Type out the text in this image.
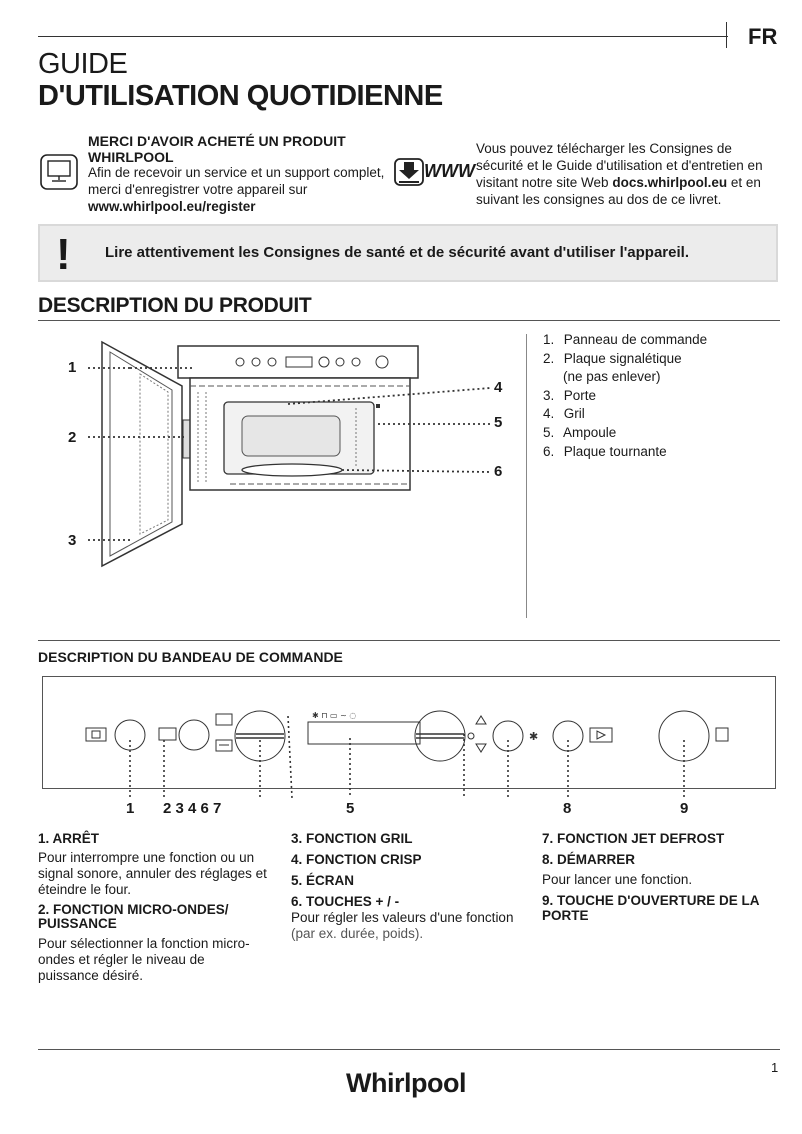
FR
GUIDE
D'UTILISATION QUOTIDIENNE
MERCI D'AVOIR ACHETÉ UN PRODUIT WHIRLPOOL
Afin de recevoir un service et un support complet, merci d'enregistrer votre appareil sur
www.whirlpool.eu/register
WWW
Vous pouvez télécharger les Consignes de sécurité et le Guide d'utilisation et d'entretien en visitant notre site Web docs.whirlpool.eu et en suivant les consignes au dos de ce livret.
! Lire attentivement les Consignes de santé et de sécurité avant d'utiliser l'appareil.
DESCRIPTION DU PRODUIT
1
2
3
4
5
6
1. Panneau de commande
2. Plaque signalétique
(ne pas enlever)
3. Porte
4. Gril
5. Ampoule
6. Plaque tournante
DESCRIPTION DU BANDEAU DE COMMANDE
✱ ⊓ ▭ ~ ◌
✱
1 2 3 4 6 7	5	8	9
1. ARRÊT
Pour interrompre une fonction ou un signal sonore, annuler des réglages et éteindre le four.
2. FONCTION MICRO-ONDES/ PUISSANCE
Pour sélectionner la fonction micro-ondes et régler le niveau de puissance désiré.
3. FONCTION GRIL
4. FONCTION CRISP
5. ÉCRAN
6. TOUCHES + / -
Pour régler les valeurs d'une fonction (par ex. durée, poids).
7. FONCTION JET DEFROST
8. DÉMARRER
Pour lancer une fonction.
9. TOUCHE D'OUVERTURE DE LA PORTE
1
Whirlpool
